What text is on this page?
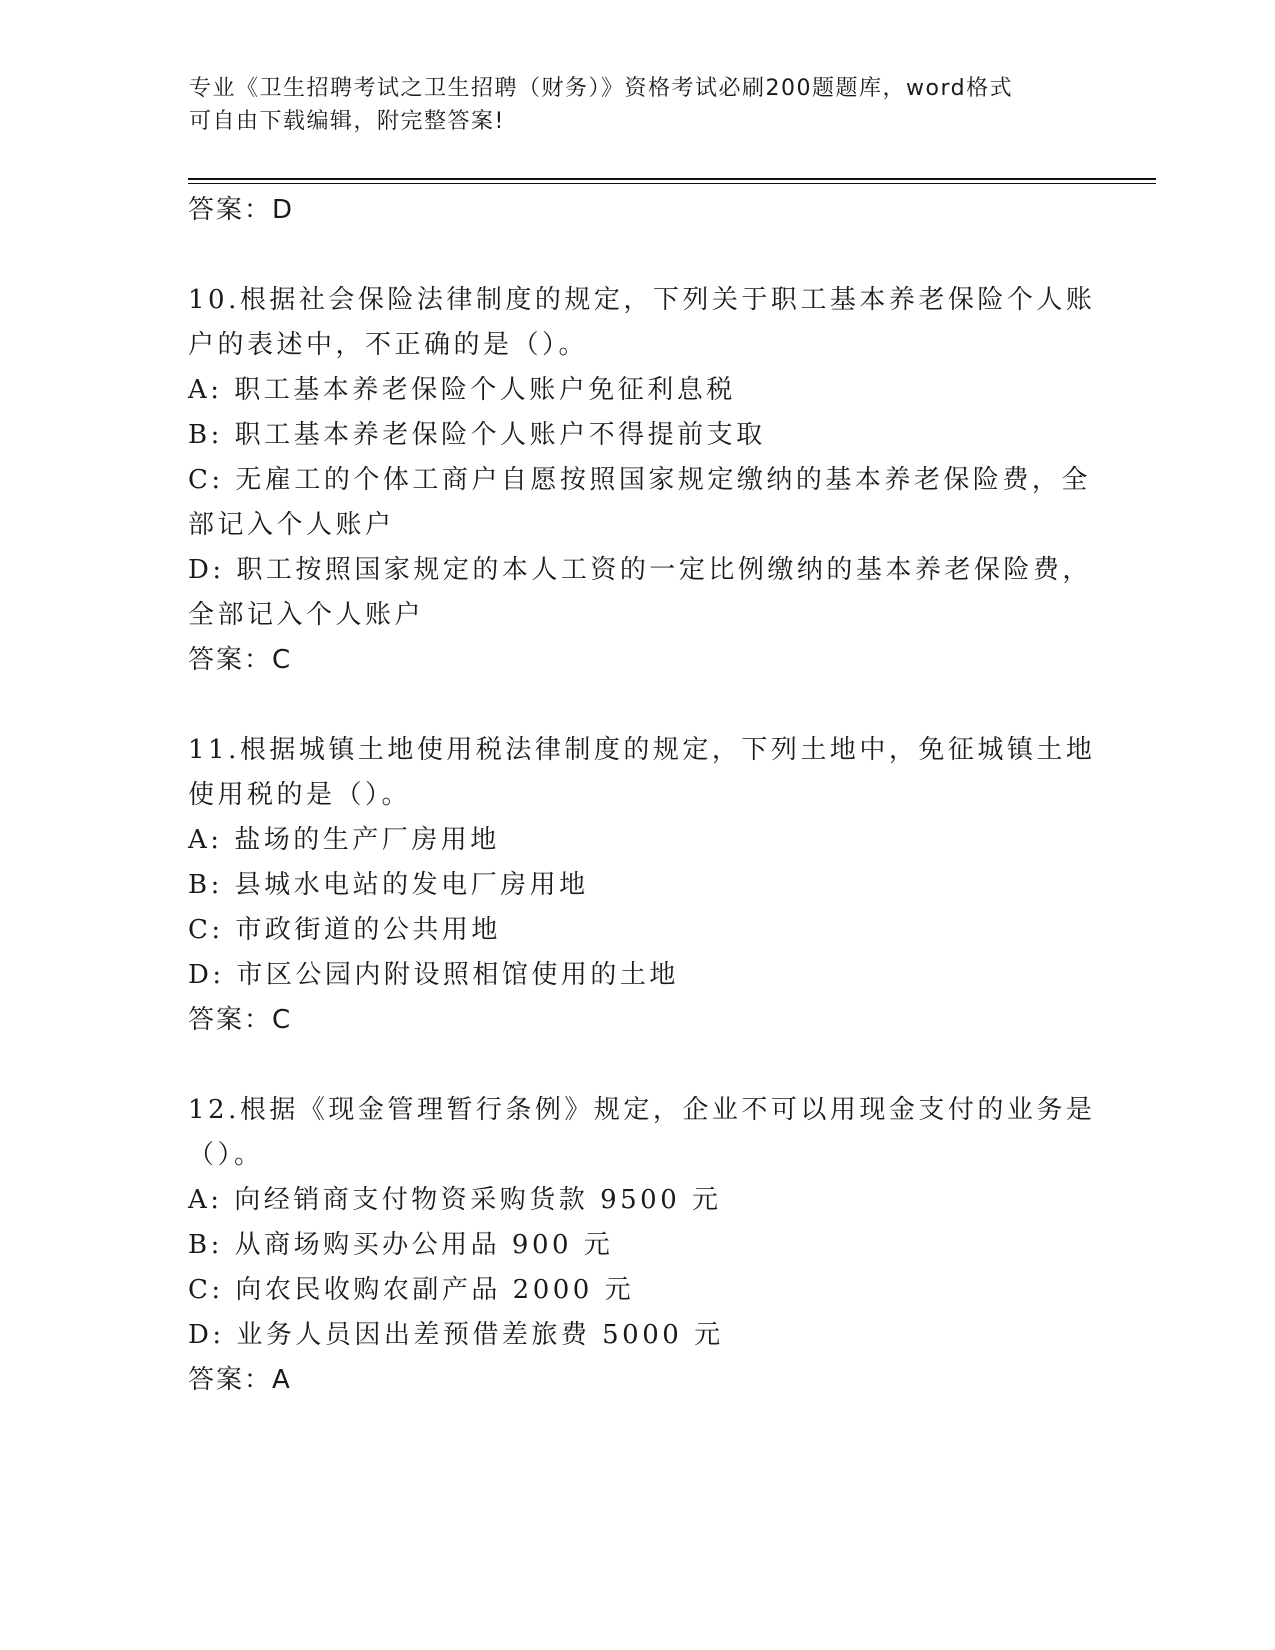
专业《卫生招聘考试之卫生招聘（财务）》资格考试必刷200题题库，word格式
可自由下载编辑，附完整答案!
答案：D
10.根据社会保险法律制度的规定，下列关于职工基本养老保险个人账
户的表述中，不正确的是（）。
A: 职工基本养老保险个人账户免征利息税
B: 职工基本养老保险个人账户不得提前支取
C: 无雇工的个体工商户自愿按照国家规定缴纳的基本养老保险费，全
部记入个人账户
D: 职工按照国家规定的本人工资的一定比例缴纳的基本养老保险费，
全部记入个人账户
答案：C
11.根据城镇土地使用税法律制度的规定，下列土地中，免征城镇土地
使用税的是（）。
A: 盐场的生产厂房用地
B: 县城水电站的发电厂房用地
C: 市政街道的公共用地
D: 市区公园内附设照相馆使用的土地
答案：C
12.根据《现金管理暂行条例》规定，企业不可以用现金支付的业务是
（）。
A: 向经销商支付物资采购货款 9500 元
B: 从商场购买办公用品 900 元
C: 向农民收购农副产品 2000 元
D: 业务人员因出差预借差旅费 5000 元
答案：A
